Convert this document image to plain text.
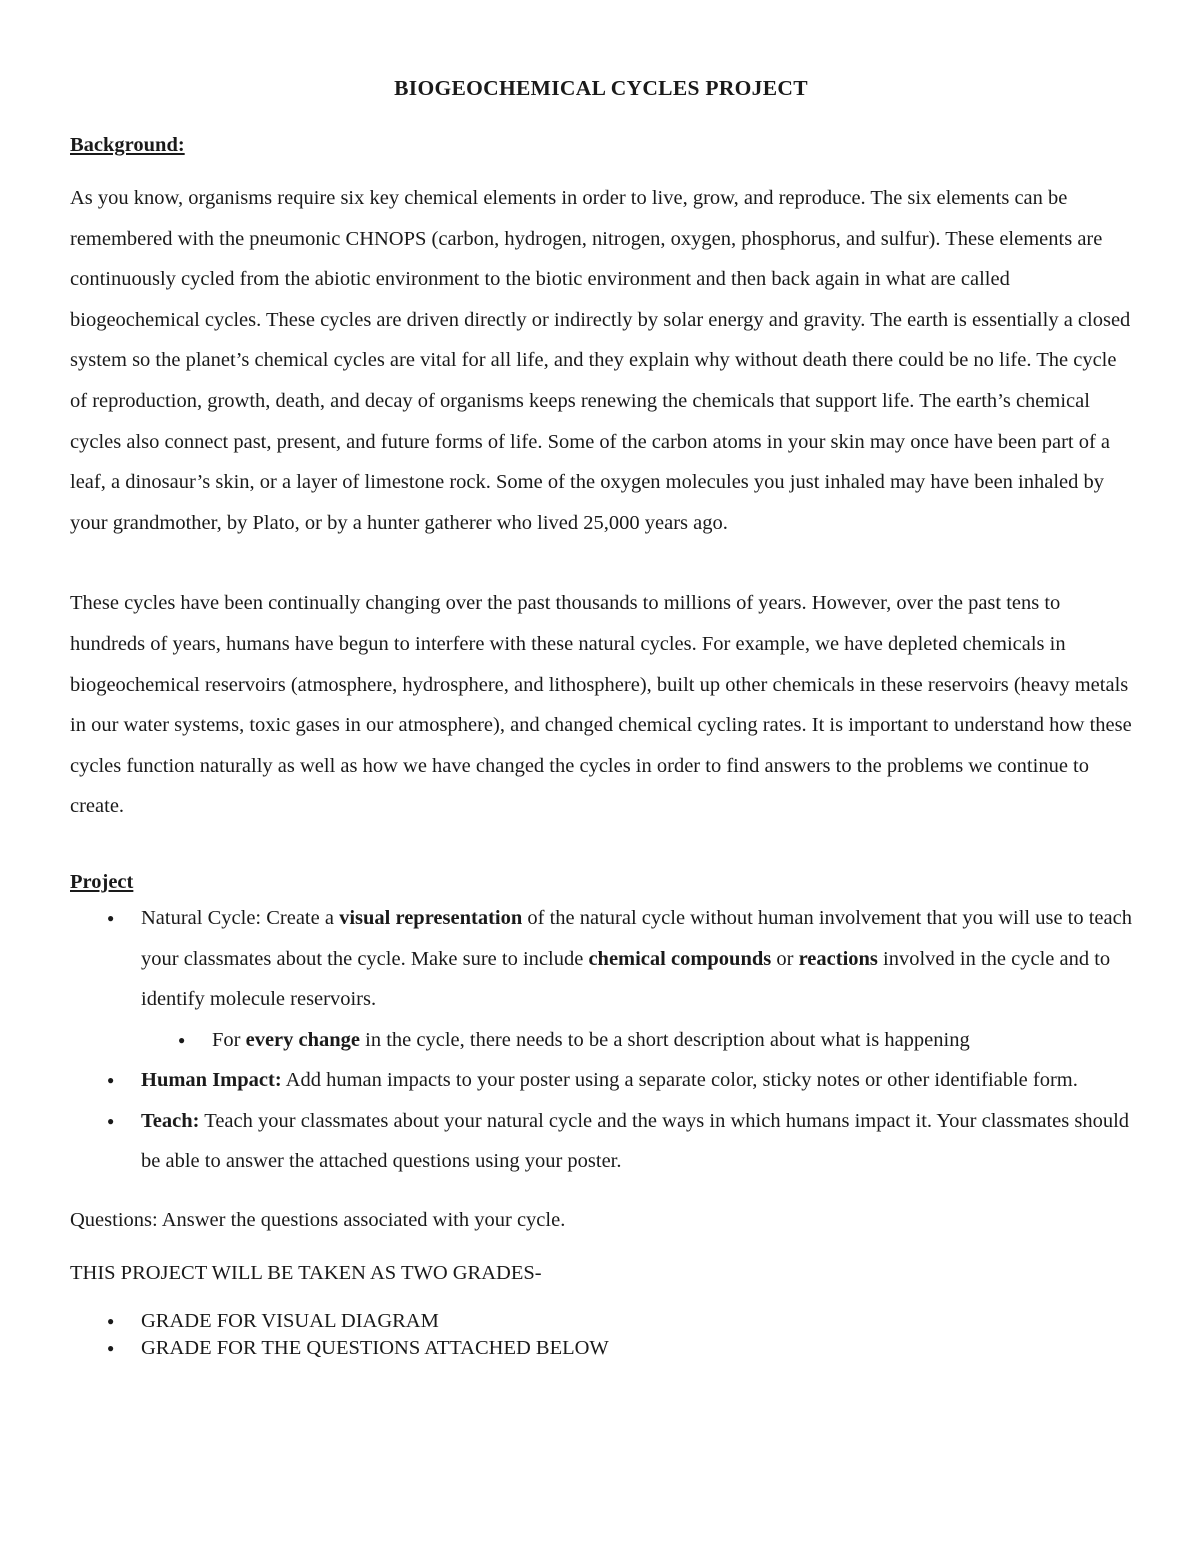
BIOGEOCHEMICAL CYCLES PROJECT

Background:

As you know, organisms require six key chemical elements in order to live, grow, and reproduce. The six elements can be remembered with the pneumonic CHNOPS (carbon, hydrogen, nitrogen, oxygen, phosphorus, and sulfur). These elements are continuously cycled from the abiotic environment to the biotic environment and then back again in what are called biogeochemical cycles. These cycles are driven directly or indirectly by solar energy and gravity. The earth is essentially a closed system so the planet’s chemical cycles are vital for all life, and they explain why without death there could be no life. The cycle of reproduction, growth, death, and decay of organisms keeps renewing the chemicals that support life. The earth’s chemical cycles also connect past, present, and future forms of life. Some of the carbon atoms in your skin may once have been part of a leaf, a dinosaur’s skin, or a layer of limestone rock. Some of the oxygen molecules you just inhaled may have been inhaled by your grandmother, by Plato, or by a hunter gatherer who lived 25,000 years ago.

These cycles have been continually changing over the past thousands to millions of years. However, over the past tens to hundreds of years, humans have begun to interfere with these natural cycles. For example, we have depleted chemicals in biogeochemical reservoirs (atmosphere, hydrosphere, and lithosphere), built up other chemicals in these reservoirs (heavy metals in our water systems, toxic gases in our atmosphere), and changed chemical cycling rates. It is important to understand how these cycles function naturally as well as how we have changed the cycles in order to find answers to the problems we continue to create.

Project

● Natural Cycle: Create a visual representation of the natural cycle without human involvement that you will use to teach your classmates about the cycle. Make sure to include chemical compounds or reactions involved in the cycle and to identify molecule reservoirs.
● For every change in the cycle, there needs to be a short description about what is happening
● Human Impact: Add human impacts to your poster using a separate color, sticky notes or other identifiable form.
● Teach: Teach your classmates about your natural cycle and the ways in which humans impact it. Your classmates should be able to answer the attached questions using your poster.

Questions: Answer the questions associated with your cycle.

THIS PROJECT WILL BE TAKEN AS TWO GRADES-

● GRADE FOR VISUAL DIAGRAM
● GRADE FOR THE QUESTIONS ATTACHED BELOW
